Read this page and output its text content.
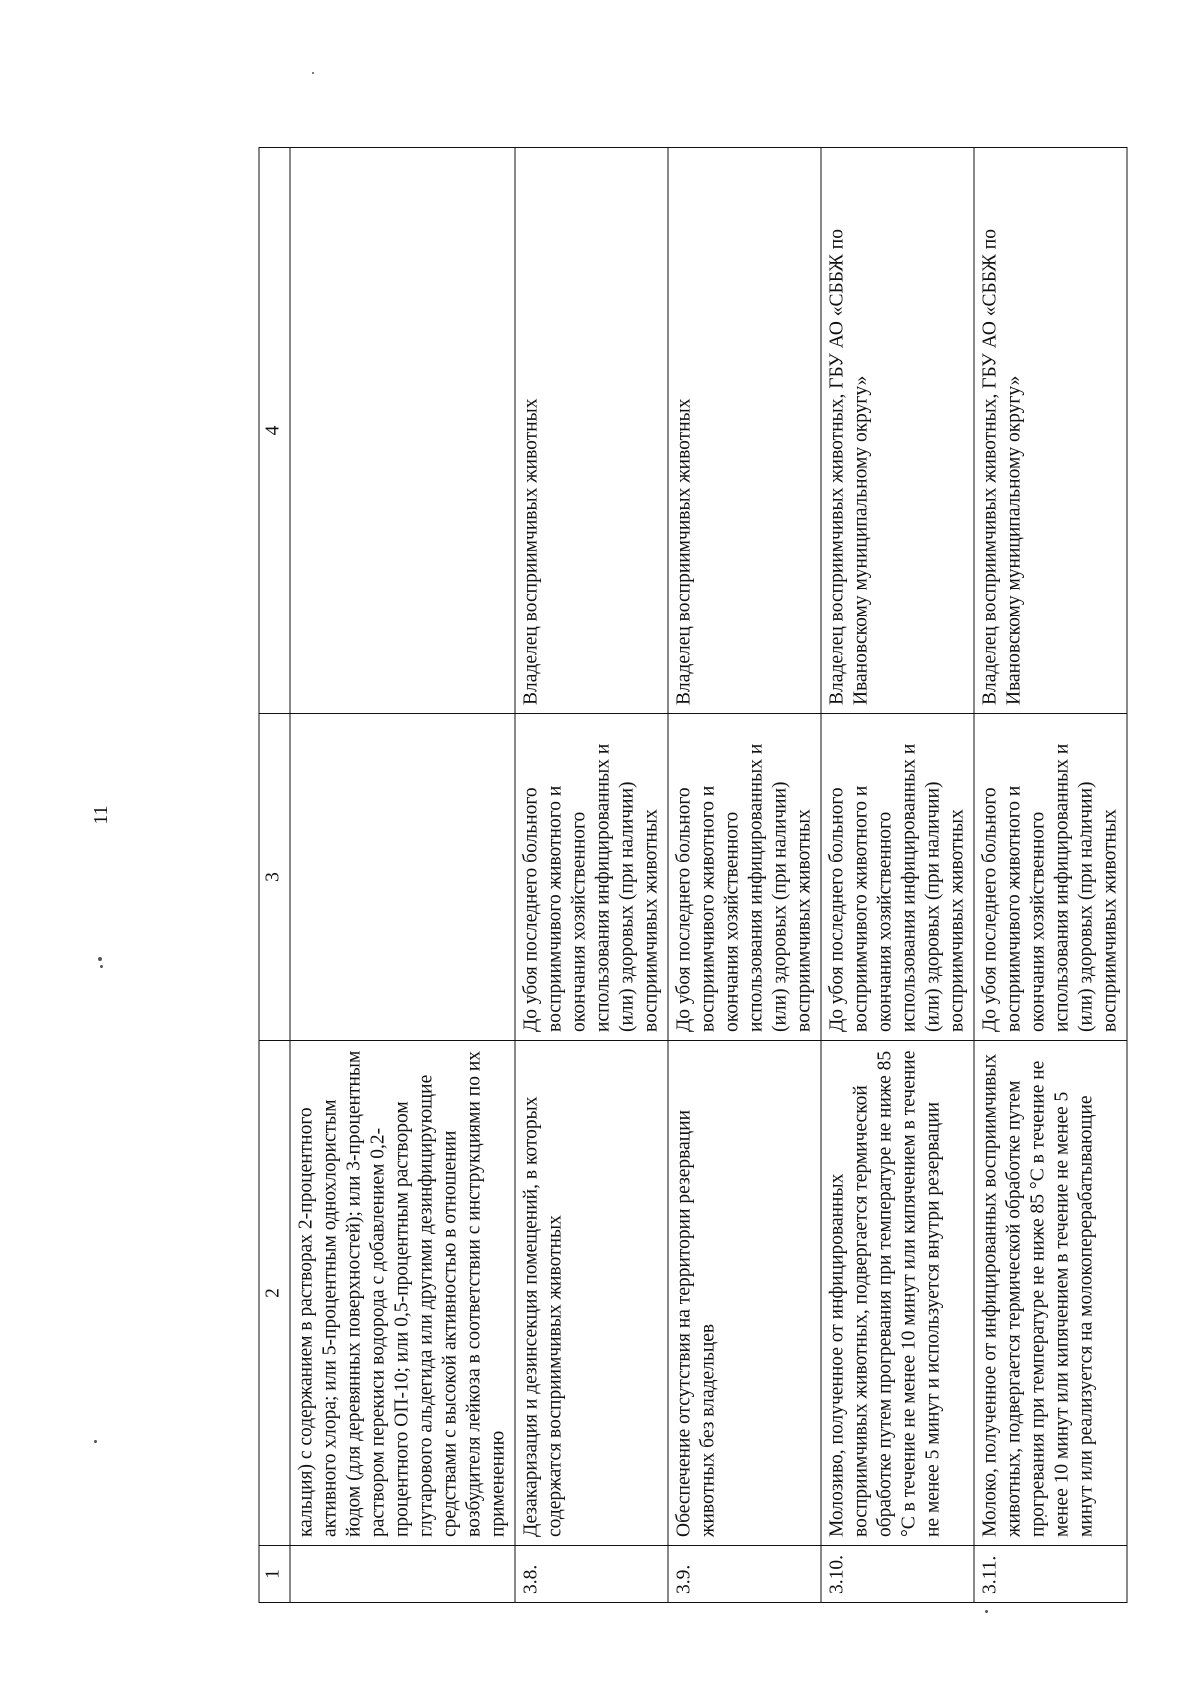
11
1	2	3	4
	кальция) с содержанием в растворах 2-процентного активного хлора; или 5-процентным однохлористым йодом (для деревянных поверхностей); или 3-процентным раствором перекиси водорода с добавлением 0,2-процентного ОП-10; или 0,5-процентным раствором глутарового альдегида или другими дезинфицирующие средствами с высокой активностью в отношении возбудителя лейкоза в соответствии с инструкциями по их применению		
3.8.	Дезакаризация и дезинсекция помещений, в которых содержатся восприимчивых животных	До убоя последнего больного восприимчивого животного и окончания хозяйственного использования инфицированных и (или) здоровых (при наличии) восприимчивых животных	Владелец восприимчивых животных
3.9.	Обеспечение отсутствия на территории резервации животных без владельцев	До убоя последнего больного восприимчивого животного и окончания хозяйственного использования инфицированных и (или) здоровых (при наличии) восприимчивых животных	Владелец восприимчивых животных
3.10.	Молозиво, полученное от инфицированных восприимчивых животных, подвергается термической обработке путем прогревания при температуре не ниже 85 °С в течение не менее 10 минут или кипячением в течение не менее 5 минут и используется внутри резервации	До убоя последнего больного восприимчивого животного и окончания хозяйственного использования инфицированных и (или) здоровых (при наличии) восприимчивых животных	Владелец восприимчивых животных, ГБУ АО «СББЖ по Ивановскому муниципальному округу»
3.11.	Молоко, полученное от инфицированных восприимчивых животных, подвергается термической обработке путем прогревания при температуре не ниже 85 °С в течение не менее 10 минут или кипячением в течение не менее 5 минут или реализуется на молокоперерабатывающие	До убоя последнего больного восприимчивого животного и окончания хозяйственного использования инфицированных и (или) здоровых (при наличии) восприимчивых животных	Владелец восприимчивых животных, ГБУ АО «СББЖ по Ивановскому муниципальному округу»
